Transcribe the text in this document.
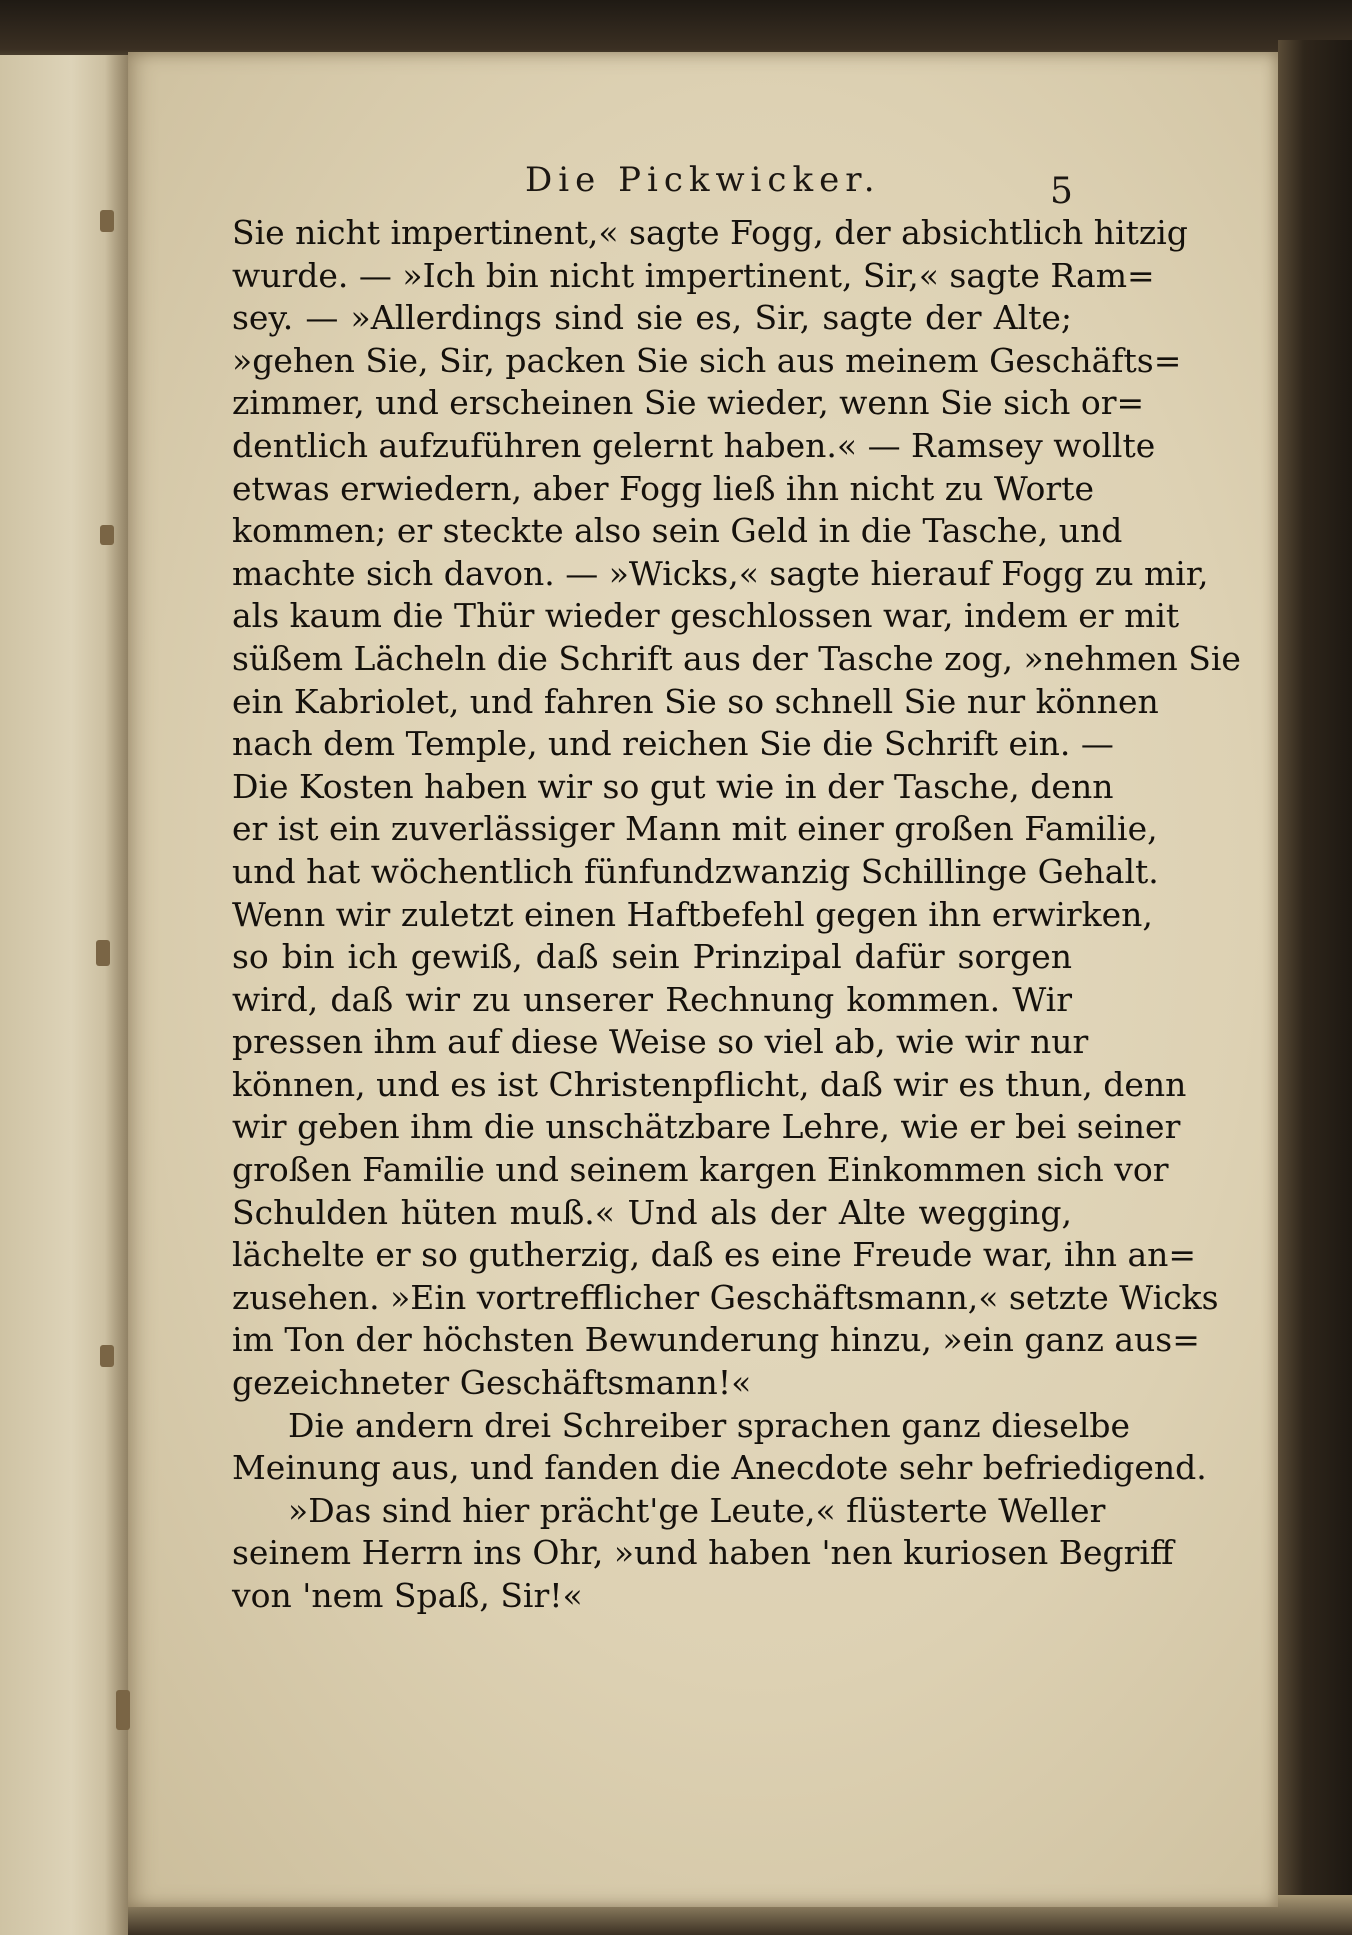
Die Pickwicker.	5
Sie nicht impertinent,« sagte Fogg, der absichtlich hitzig
wurde. — »Ich bin nicht impertinent, Sir,« sagte Ram=
sey. — »Allerdings sind sie es, Sir, sagte der Alte;
»gehen Sie, Sir, packen Sie sich aus meinem Geschäfts=
zimmer, und erscheinen Sie wieder, wenn Sie sich or=
dentlich aufzuführen gelernt haben.« — Ramsey wollte
etwas erwiedern, aber Fogg ließ ihn nicht zu Worte
kommen; er steckte also sein Geld in die Tasche, und
machte sich davon. — »Wicks,« sagte hierauf Fogg zu mir,
als kaum die Thür wieder geschlossen war, indem er mit
süßem Lächeln die Schrift aus der Tasche zog, »nehmen Sie
ein Kabriolet, und fahren Sie so schnell Sie nur können
nach dem Temple, und reichen Sie die Schrift ein. —
Die Kosten haben wir so gut wie in der Tasche, denn
er ist ein zuverlässiger Mann mit einer großen Familie,
und hat wöchentlich fünfundzwanzig Schillinge Gehalt.
Wenn wir zuletzt einen Haftbefehl gegen ihn erwirken,
so bin ich gewiß, daß sein Prinzipal dafür sorgen
wird, daß wir zu unserer Rechnung kommen. Wir
pressen ihm auf diese Weise so viel ab, wie wir nur
können, und es ist Christenpflicht, daß wir es thun, denn
wir geben ihm die unschätzbare Lehre, wie er bei seiner
großen Familie und seinem kargen Einkommen sich vor
Schulden hüten muß.« Und als der Alte wegging,
lächelte er so gutherzig, daß es eine Freude war, ihn an=
zusehen. »Ein vortrefflicher Geschäftsmann,« setzte Wicks
im Ton der höchsten Bewunderung hinzu, »ein ganz aus=
gezeichneter Geschäftsmann!«
Die andern drei Schreiber sprachen ganz dieselbe
Meinung aus, und fanden die Anecdote sehr befriedigend.
»Das sind hier prächt'ge Leute,« flüsterte Weller
seinem Herrn ins Ohr, »und haben 'nen kuriosen Begriff
von 'nem Spaß, Sir!«
